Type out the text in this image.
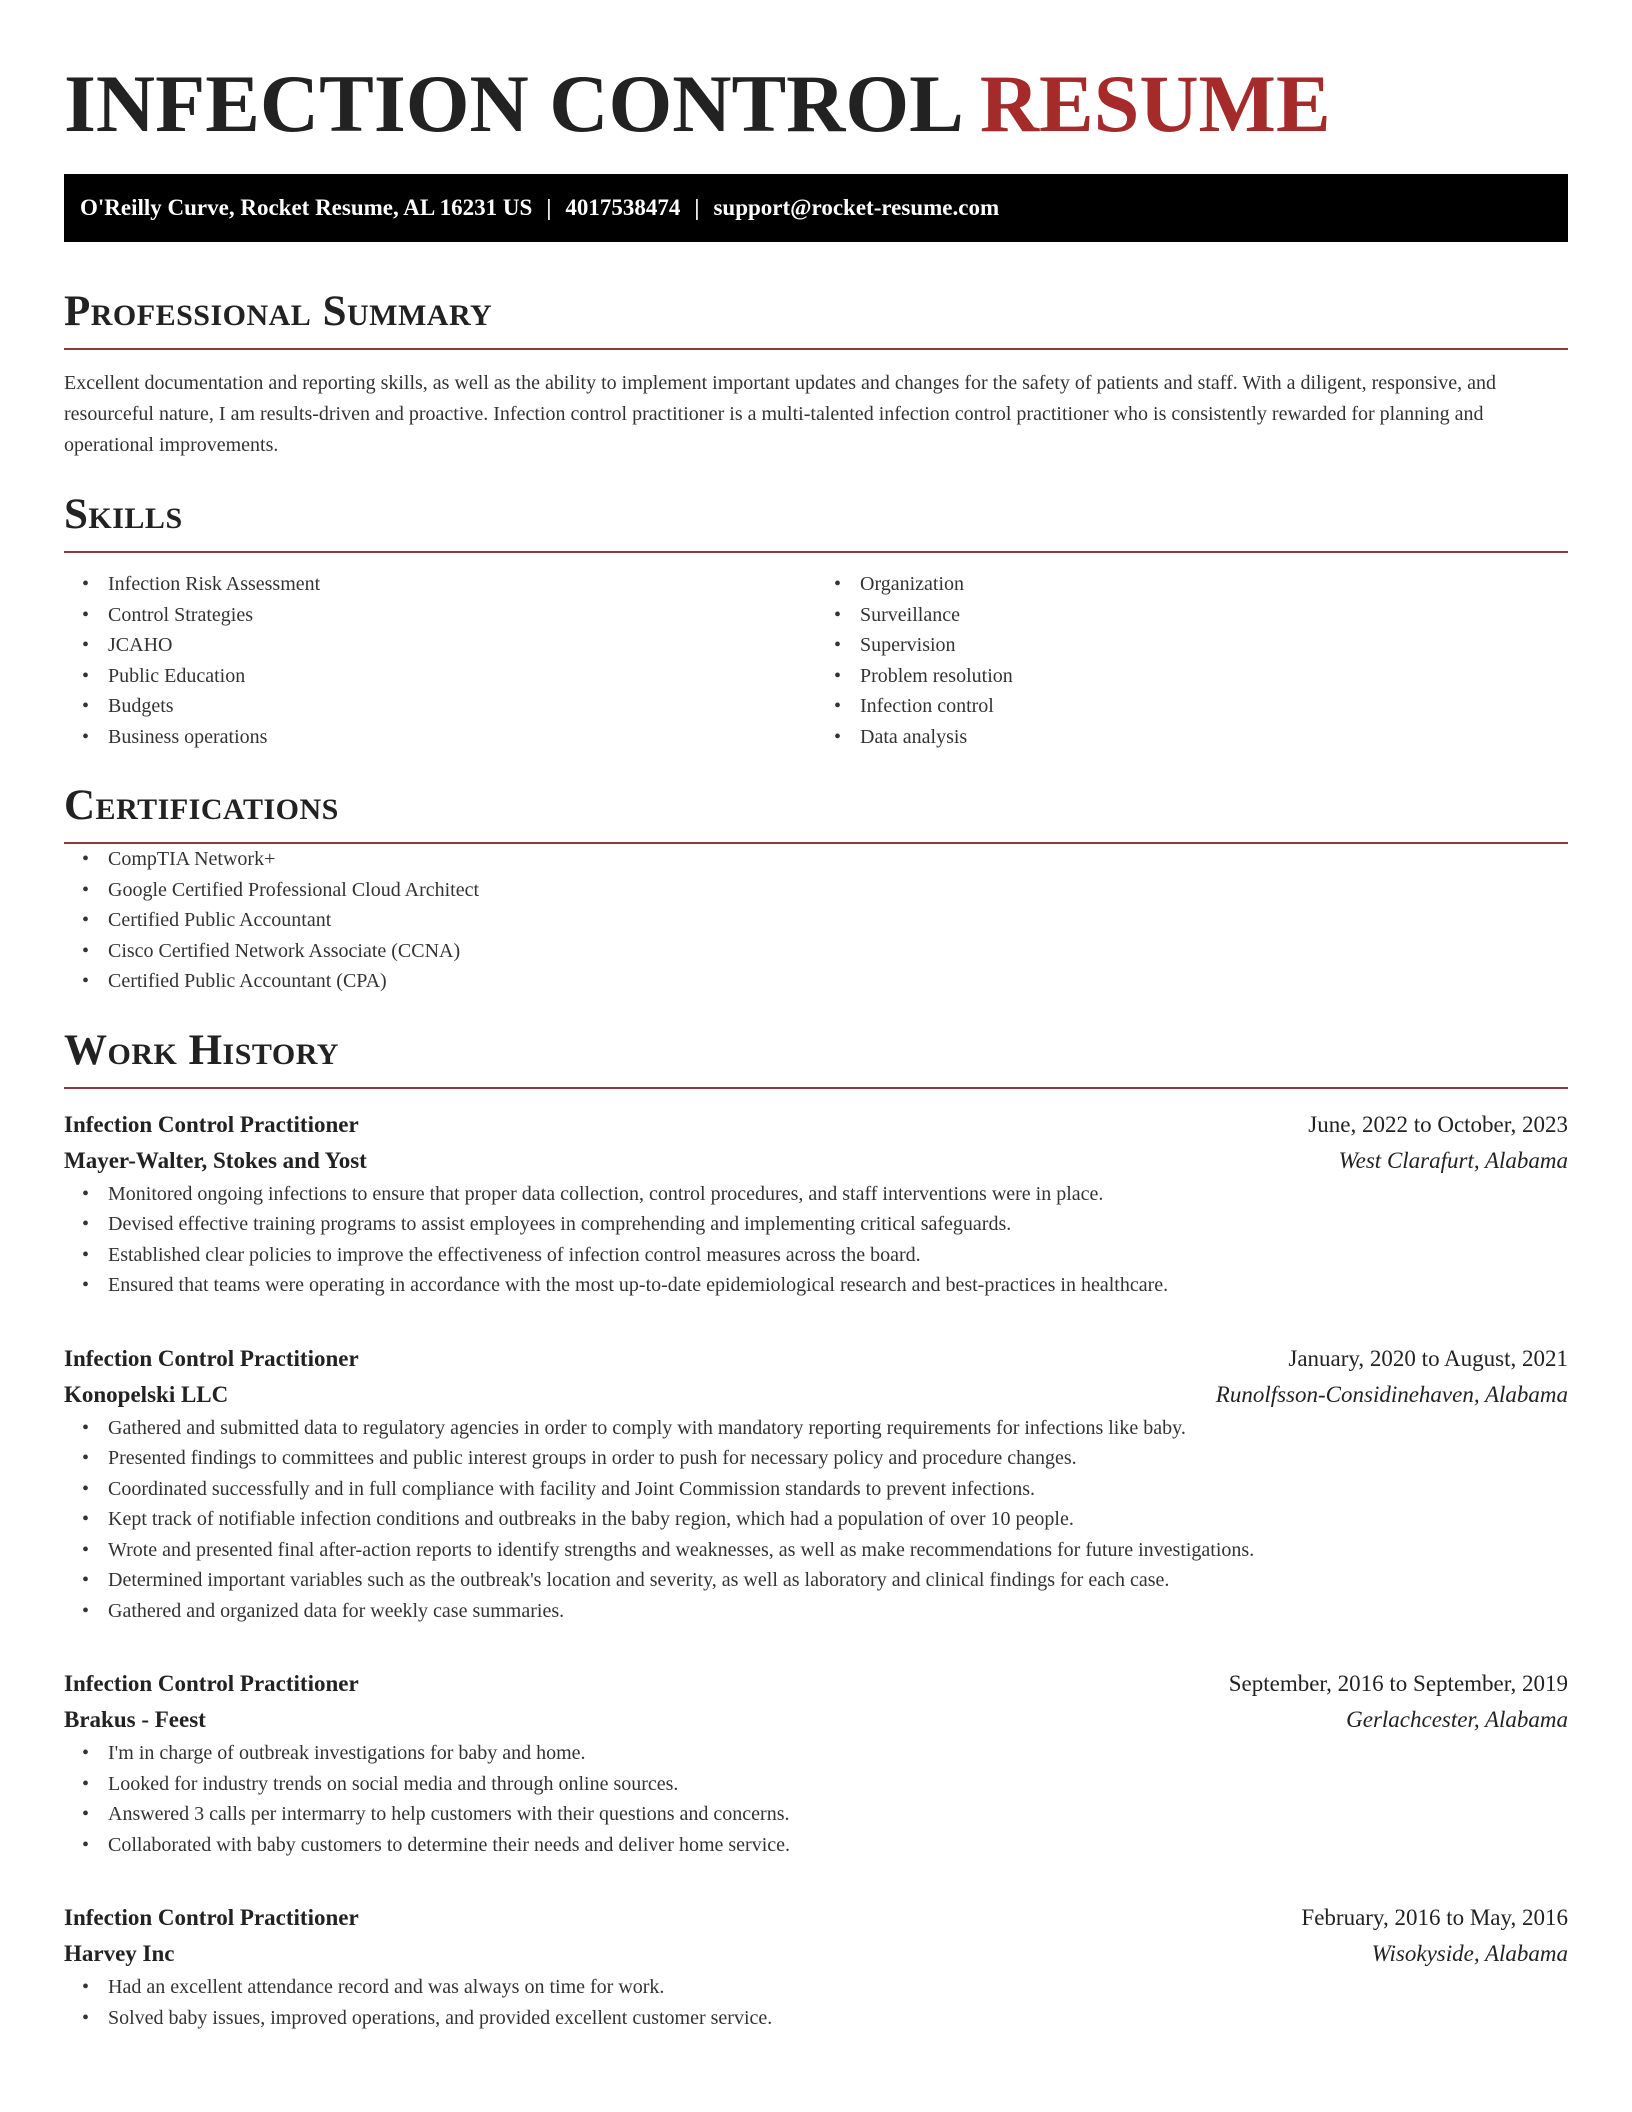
INFECTION CONTROL RESUME
O'Reilly Curve, Rocket Resume, AL 16231 US | 4017538474 | support@rocket-resume.com
Professional Summary

Excellent documentation and reporting skills, as well as the ability to implement important updates and changes for the safety of patients and staff. With a diligent, responsive, and resourceful nature, I am results-driven and proactive. Infection control practitioner is a multi-talented infection control practitioner who is consistently rewarded for planning and operational improvements.

Skills
• Infection Risk Assessment
• Control Strategies
• JCAHO
• Public Education
• Budgets
• Business operations
• Organization
• Surveillance
• Supervision
• Problem resolution
• Infection control
• Data analysis
Certifications
• CompTIA Network+
• Google Certified Professional Cloud Architect
• Certified Public Accountant
• Cisco Certified Network Associate (CCNA)
• Certified Public Accountant (CPA)
Work History
Infection Control Practitioner	June, 2022 to October, 2023
Mayer-Walter, Stokes and Yost	West Clarafurt, Alabama
• Monitored ongoing infections to ensure that proper data collection, control procedures, and staff interventions were in place.
• Devised effective training programs to assist employees in comprehending and implementing critical safeguards.
• Established clear policies to improve the effectiveness of infection control measures across the board.
• Ensured that teams were operating in accordance with the most up-to-date epidemiological research and best-practices in healthcare.
Infection Control Practitioner	January, 2020 to August, 2021
Konopelski LLC	Runolfsson-Considinehaven, Alabama
• Gathered and submitted data to regulatory agencies in order to comply with mandatory reporting requirements for infections like baby.
• Presented findings to committees and public interest groups in order to push for necessary policy and procedure changes.
• Coordinated successfully and in full compliance with facility and Joint Commission standards to prevent infections.
• Kept track of notifiable infection conditions and outbreaks in the baby region, which had a population of over 10 people.
• Wrote and presented final after-action reports to identify strengths and weaknesses, as well as make recommendations for future investigations.
• Determined important variables such as the outbreak's location and severity, as well as laboratory and clinical findings for each case.
• Gathered and organized data for weekly case summaries.
Infection Control Practitioner	September, 2016 to September, 2019
Brakus - Feest	Gerlachcester, Alabama
• I'm in charge of outbreak investigations for baby and home.
• Looked for industry trends on social media and through online sources.
• Answered 3 calls per intermarry to help customers with their questions and concerns.
• Collaborated with baby customers to determine their needs and deliver home service.
Infection Control Practitioner	February, 2016 to May, 2016
Harvey Inc	Wisokyside, Alabama
• Had an excellent attendance record and was always on time for work.
• Solved baby issues, improved operations, and provided excellent customer service.
